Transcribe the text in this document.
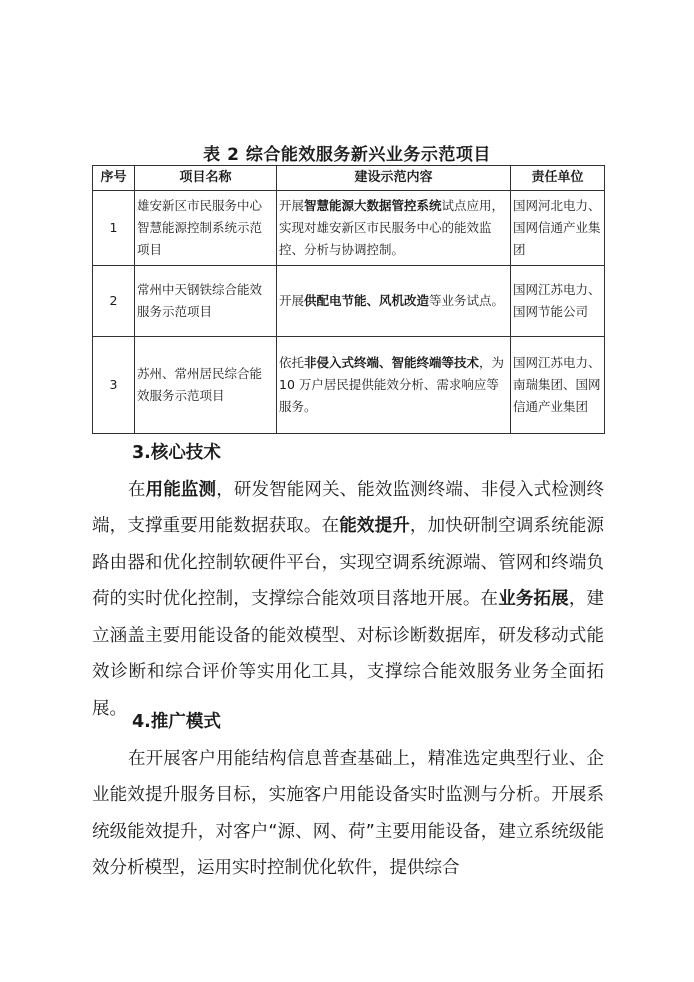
表 2 综合能效服务新兴业务示范项目
序号	项目名称	建设示范内容	责任单位
1	雄安新区市民服务中心智慧能源控制系统示范项目	开展智慧能源大数据管控系统试点应用，实现对雄安新区市民服务中心的能效监控、分析与协调控制。	国网河北电力、国网信通产业集团
2	常州中天钢铁综合能效服务示范项目	开展供配电节能、风机改造等业务试点。	国网江苏电力、国网节能公司
3	苏州、常州居民综合能效服务示范项目	依托非侵入式终端、智能终端等技术，为 10 万户居民提供能效分析、需求响应等服务。	国网江苏电力、南瑞集团、国网信通产业集团
3.核心技术
在用能监测，研发智能网关、能效监测终端、非侵入式检测终端，支撑重要用能数据获取。在能效提升，加快研制空调系统能源路由器和优化控制软硬件平台，实现空调系统源端、管网和终端负荷的实时优化控制，支撑综合能效项目落地开展。在业务拓展，建立涵盖主要用能设备的能效模型、对标诊断数据库，研发移动式能效诊断和综合评价等实用化工具，支撑综合能效服务业务全面拓展。
4.推广模式
在开展客户用能结构信息普查基础上，精准选定典型行业、企业能效提升服务目标，实施客户用能设备实时监测与分析。开展系统级能效提升，对客户“源、网、荷”主要用能设备，建立系统级能效分析模型，运用实时控制优化软件，提供综合
